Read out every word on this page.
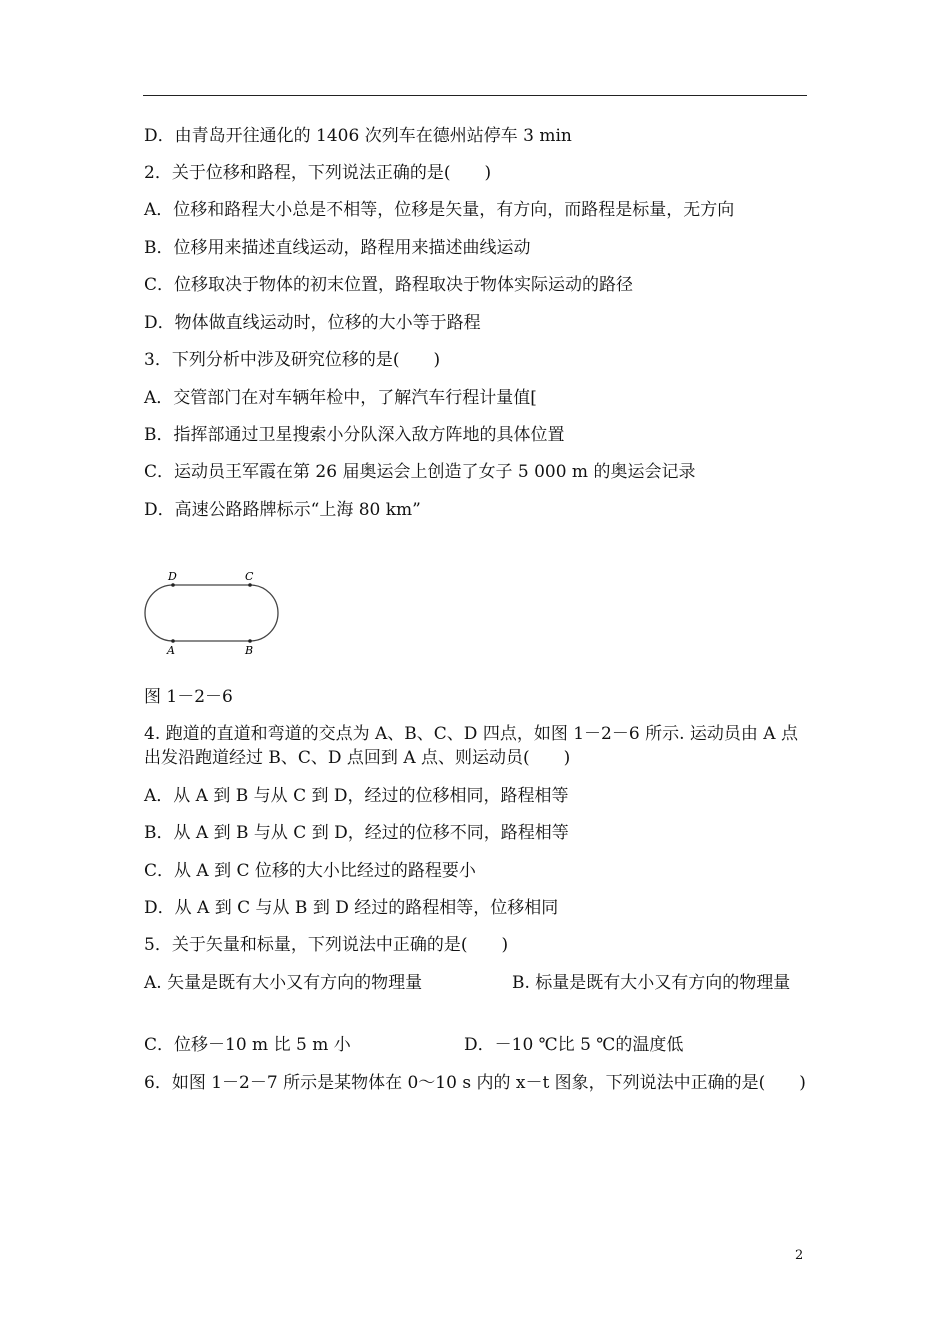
D．由青岛开往通化的 1406 次列车在德州站停车 3 min
2．关于位移和路程，下列说法正确的是(　　)
A．位移和路程大小总是不相等，位移是矢量，有方向，而路程是标量，无方向
B．位移用来描述直线运动，路程用来描述曲线运动
C．位移取决于物体的初末位置，路程取决于物体实际运动的路径
D．物体做直线运动时，位移的大小等于路程
3．下列分析中涉及研究位移的是(　　)
A．交管部门在对车辆年检中，了解汽车行程计量值[
B．指挥部通过卫星搜索小分队深入敌方阵地的具体位置
C．运动员王军霞在第 26 届奥运会上创造了女子 5 000 m 的奥运会记录
D．高速公路路牌标示“上海 80 km”
D	C
A	B
图 1－2－6
4. 跑道的直道和弯道的交点为 A、B、C、D 四点，如图 1－2－6 所示. 运动员由 A 点出发沿跑道经过 B、C、D 点回到 A 点、则运动员(　　)
A．从 A 到 B 与从 C 到 D，经过的位移相同，路程相等
B．从 A 到 B 与从 C 到 D，经过的位移不同，路程相等
C．从 A 到 C 位移的大小比经过的路程要小
D．从 A 到 C 与从 B 到 D 经过的路程相等，位移相同
5．关于矢量和标量，下列说法中正确的是(　　)
A. 矢量是既有大小又有方向的物理量	B. 标量是既有大小又有方向的物理量
C．位移－10 m 比 5 m 小	D．－10 ℃比 5 ℃的温度低
6．如图 1－2－7 所示是某物体在 0～10 s 内的 x－t 图象，下列说法中正确的是(　　)
2
